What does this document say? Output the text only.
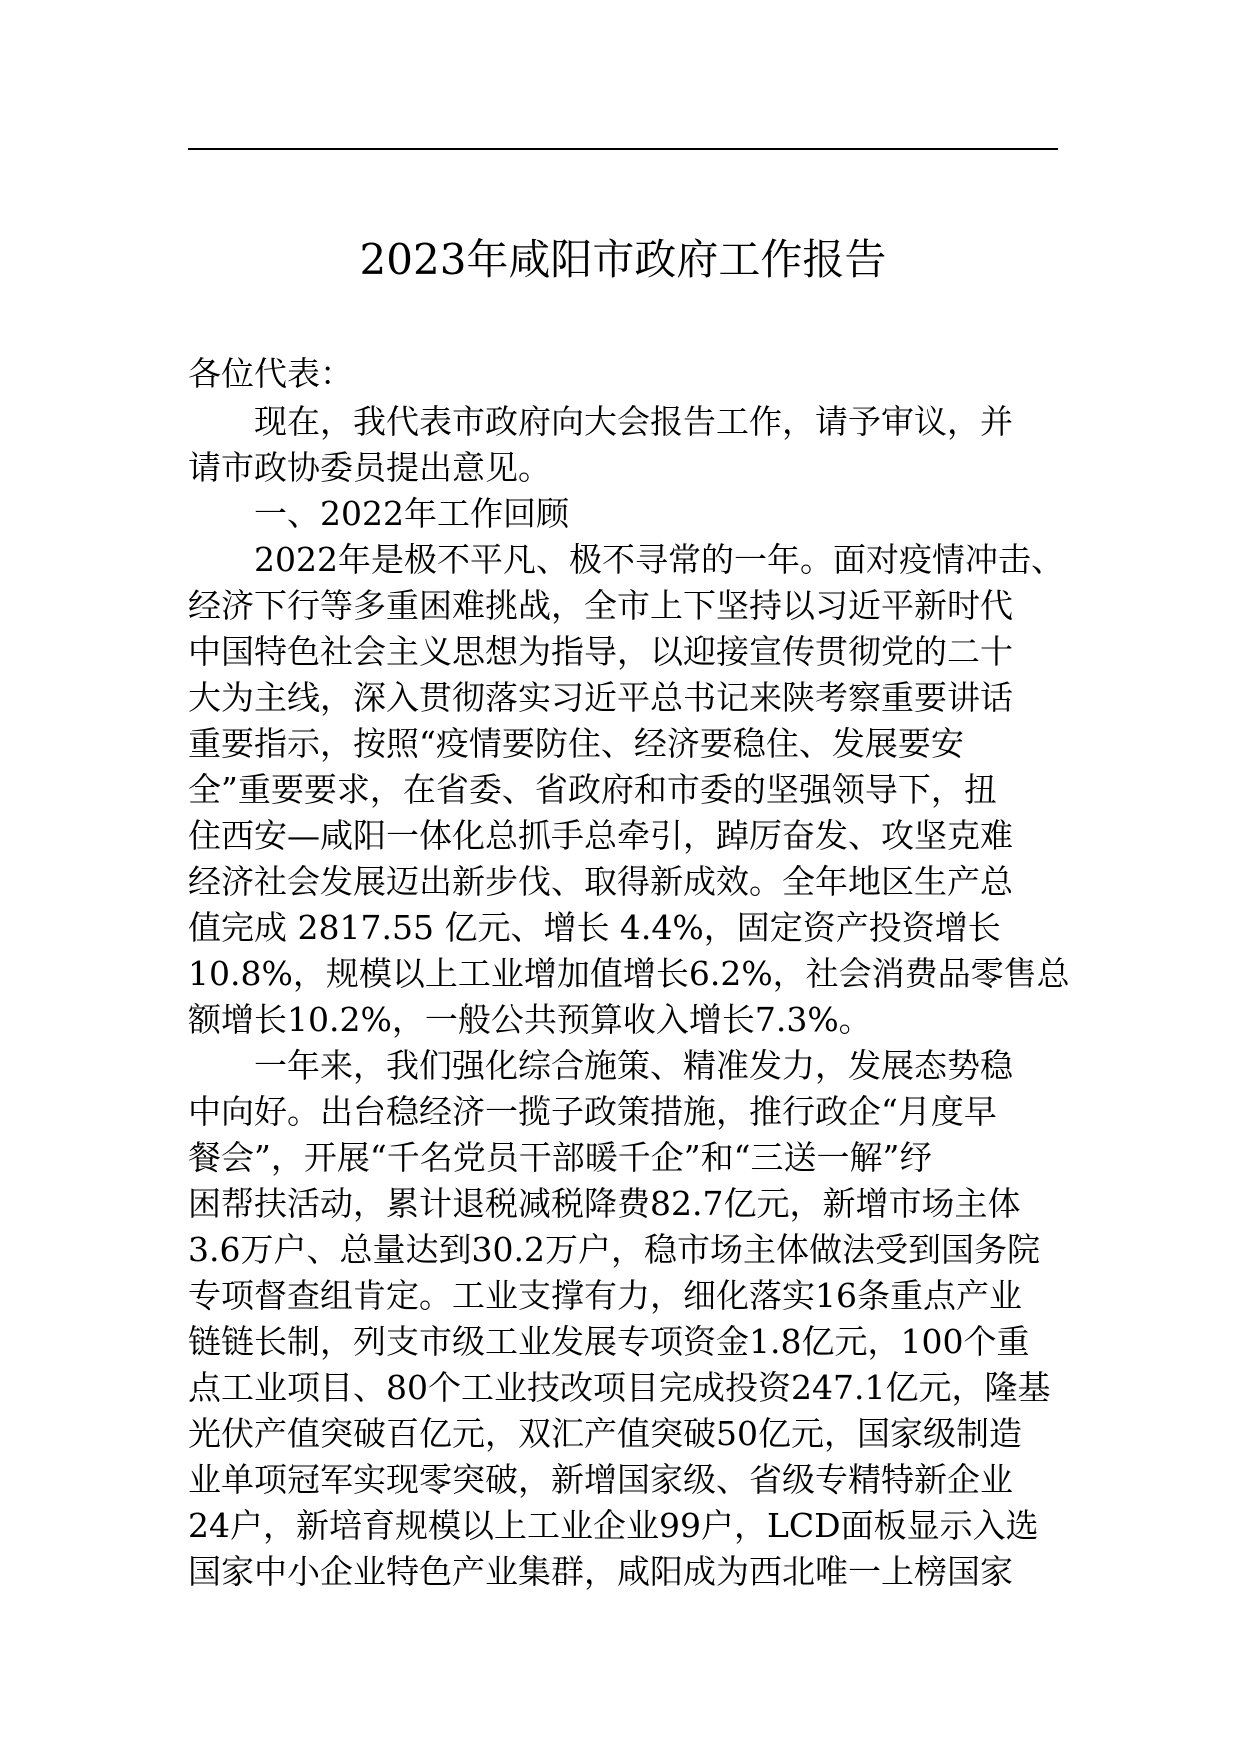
2023年咸阳市政府工作报告
各位代表：
现在，我代表市政府向大会报告工作，请予审议，并
请市政协委员提出意见。
一、2022年工作回顾
2022年是极不平凡、极不寻常的一年。面对疫情冲击、
经济下行等多重困难挑战，全市上下坚持以习近平新时代
中国特色社会主义思想为指导，以迎接宣传贯彻党的二十
大为主线，深入贯彻落实习近平总书记来陕考察重要讲话
重要指示，按照“疫情要防住、经济要稳住、发展要安
全”重要要求，在省委、省政府和市委的坚强领导下，扭
住西安—咸阳一体化总抓手总牵引，踔厉奋发、攻坚克难
经济社会发展迈出新步伐、取得新成效。全年地区生产总
值完成 2817.55 亿元、增长 4.4%，固定资产投资增长
10.8%，规模以上工业增加值增长6.2%，社会消费品零售总
额增长10.2%，一般公共预算收入增长7.3%。
一年来，我们强化综合施策、精准发力，发展态势稳
中向好。出台稳经济一揽子政策措施，推行政企“月度早
餐会”，开展“千名党员干部暖千企”和“三送一解”纾
困帮扶活动，累计退税减税降费82.7亿元，新增市场主体
3.6万户、总量达到30.2万户，稳市场主体做法受到国务院
专项督查组肯定。工业支撑有力，细化落实16条重点产业
链链长制，列支市级工业发展专项资金1.8亿元，100个重
点工业项目、80个工业技改项目完成投资247.1亿元，隆基
光伏产值突破百亿元，双汇产值突破50亿元，国家级制造
业单项冠军实现零突破，新增国家级、省级专精特新企业
24户，新培育规模以上工业企业99户，LCD面板显示入选
国家中小企业特色产业集群，咸阳成为西北唯一上榜国家
